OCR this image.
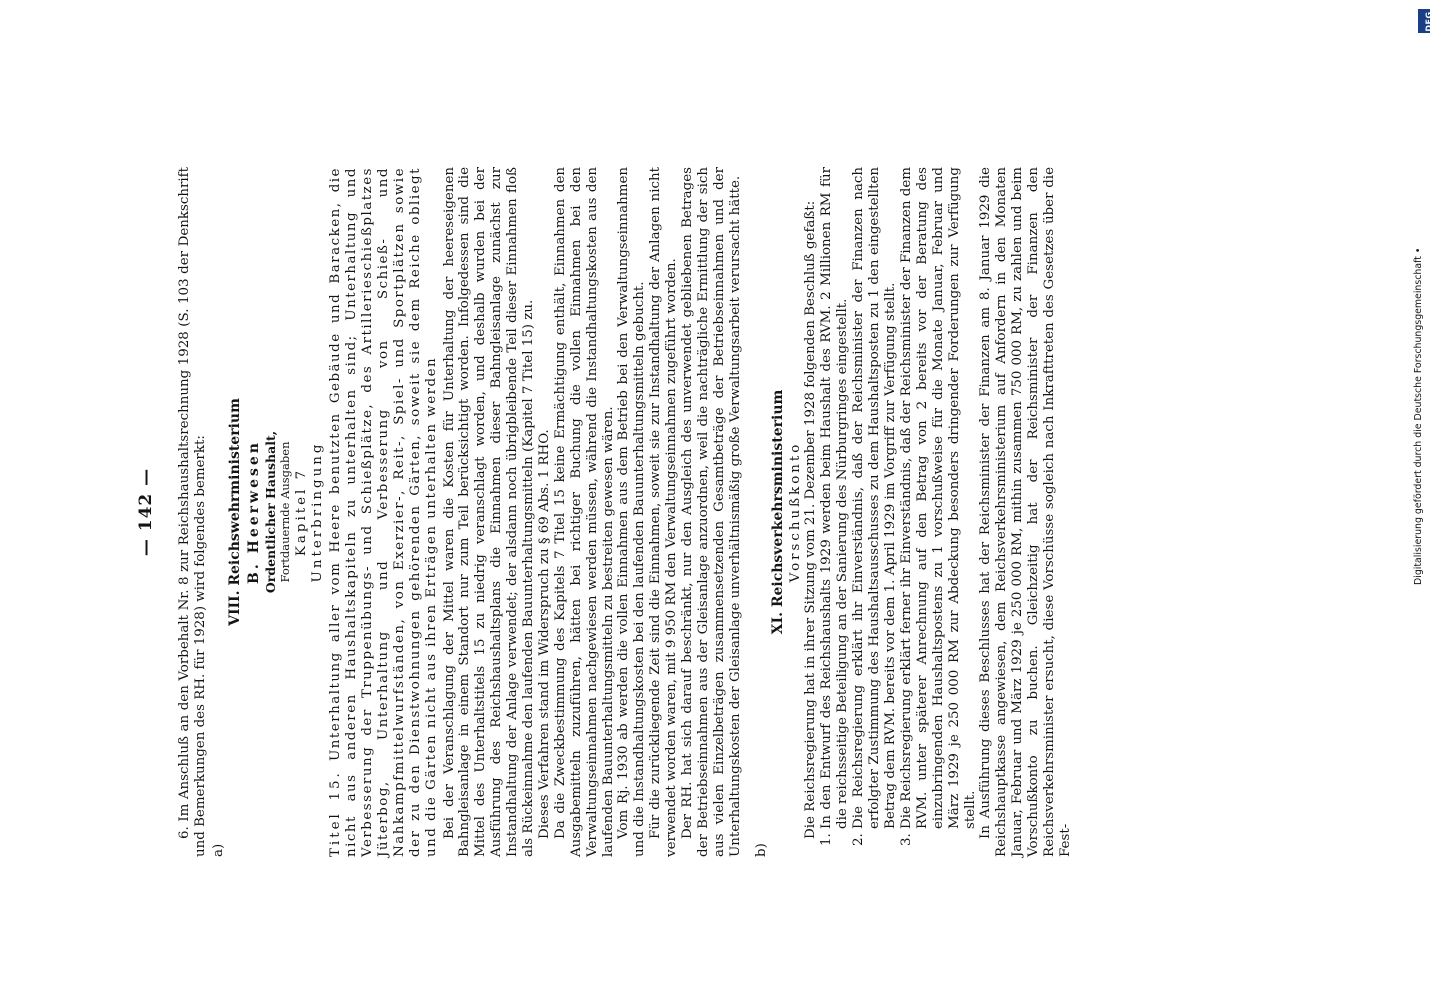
— 142 —	6. Im Anschluß an den Vorbehalt Nr. 8 zur Reichshaushaltsrechnung 1928 (S. 103 der Denkschrift und Bemerkungen des RH. für 1928) wird folgendes bemerkt: a)
VIII. Reichswehrministerium B. Heerwesen Ordentlicher Haushalt, Fortdauernde Ausgaben Kapitel 7 Unterbringung

Titel 15. Unterhaltung aller vom Heere benutzten Gebäude und Baracken, die nicht aus anderen Haushaltskapiteln zu unterhalten sind; Unterhaltung und Verbesserung der Truppenübungs- und Schießplätze, des Artillerieschießplatzes Jüterbog, Unterhaltung und Verbesserung von Schieß- und Nahkampfmittelwurfständen, von Exerzier-, Reit-, Spiel- und Sportplätzen sowie der zu den Dienstwohnungen gehörenden Gärten, soweit sie dem Reiche obliegt und die Gärten nicht aus ihren Erträgen unterhalten werden Bei der Veranschlagung der Mittel waren die Kosten für Unterhaltung der heereseigenen Bahngleisanlage in einem Standort nur zum Teil berücksichtigt worden. Infolgedessen sind die Mittel des Unterhaltstitels 15 zu niedrig veranschlagt worden, und deshalb wurden bei der Ausführung des Reichshaushaltsplans die Einnahmen dieser Bahngleisanlage zunächst zur Instandhaltung der Anlage verwendet; der alsdann noch übrigbleibende Teil dieser Einnahmen floß als Rückeinnahme den laufenden Bauunterhaltungsmitteln (Kapitel 7 Titel 15) zu. Dieses Verfahren stand im Widerspruch zu § 69 Abs. 1 RHO. Da die Zweckbestimmung des Kapitels 7 Titel 15 keine Ermächtigung enthält, Einnahmen den Ausgabemitteln zuzuführen, hätten bei richtiger Buchung die vollen Einnahmen bei den Verwaltungseinnahmen nachgewiesen werden müssen, während die Instandhaltungskosten aus den laufenden Bauunterhaltungsmitteln zu bestreiten gewesen wären. Vom Rj. 1930 ab werden die vollen Einnahmen aus dem Betrieb bei den Verwaltungseinnahmen und die Instandhaltungskosten bei den laufenden Bauunterhaltungsmitteln gebucht. Für die zurückliegende Zeit sind die Einnahmen, soweit sie zur Instandhaltung der Anlagen nicht verwendet worden waren, mit 9 950 RM den Verwaltungseinnahmen zugeführt worden. Der RH. hat sich darauf beschränkt, nur den Ausgleich des unverwendet gebliebenen Betrages der Betriebseinnahmen aus der Gleisanlage anzuordnen, weil die nachträgliche Ermittlung der sich aus vielen Einzelbeträgen zusammensetzenden Gesamtbeträge der Betriebseinnahmen und der Unterhaltungskosten der Gleisanlage unverhältnismäßig große Verwaltungsarbeit verursacht hätte. b)
XI. Reichsverkehrsministerium Vorschußkonto Die Reichsregierung hat in ihrer Sitzung vom 21. Dezember 1928 folgenden Beschluß gefaßt: 1. In den Entwurf des Reichshaushalts 1929 werden beim Haushalt des RVM. 2 Millionen RM für die reichsseitige Beteiligung an der Sanierung des Nürburgringes eingestellt. 2. Die Reichsregierung erklärt ihr Einverständnis, daß der Reichsminister der Finanzen nach erfolgter Zustimmung des Haushaltsausschusses zu dem Haushaltsposten zu 1 den eingestellten Betrag dem RVM. bereits vor dem 1. April 1929 im Vorgriff zur Verfügung stellt. 3. Die Reichsregierung erklärt ferner ihr Einverständnis, daß der Reichsminister der Finanzen dem RVM. unter späterer Anrechnung auf den Betrag von 2 bereits vor der Beratung des einzubringenden Haushaltspostens zu 1 vorschußweise für die Monate Januar, Februar und März 1929 je 250 000 RM zur Abdeckung besonders dringender Forderungen zur Verfügung stellt. In Ausführung dieses Beschlusses hat der Reichsminister der Finanzen am 8. Januar 1929 die Reichshauptkasse angewiesen, dem Reichsverkehrsministerium auf Anfordern in den Monaten Januar, Februar und März 1929 je 250 000 RM, mithin zusammen 750 000 RM, zu zahlen und beim Vorschußkonto zu buchen. Gleichzeitig hat der Reichsminister der Finanzen den Reichsverkehrsminister ersucht, diese Vorschüsse sogleich nach Inkrafttreten des Gesetzes über die Fest-

Digitalisierung gefördert durch die Deutsche Forschungsgemeinschaft •
DFG
